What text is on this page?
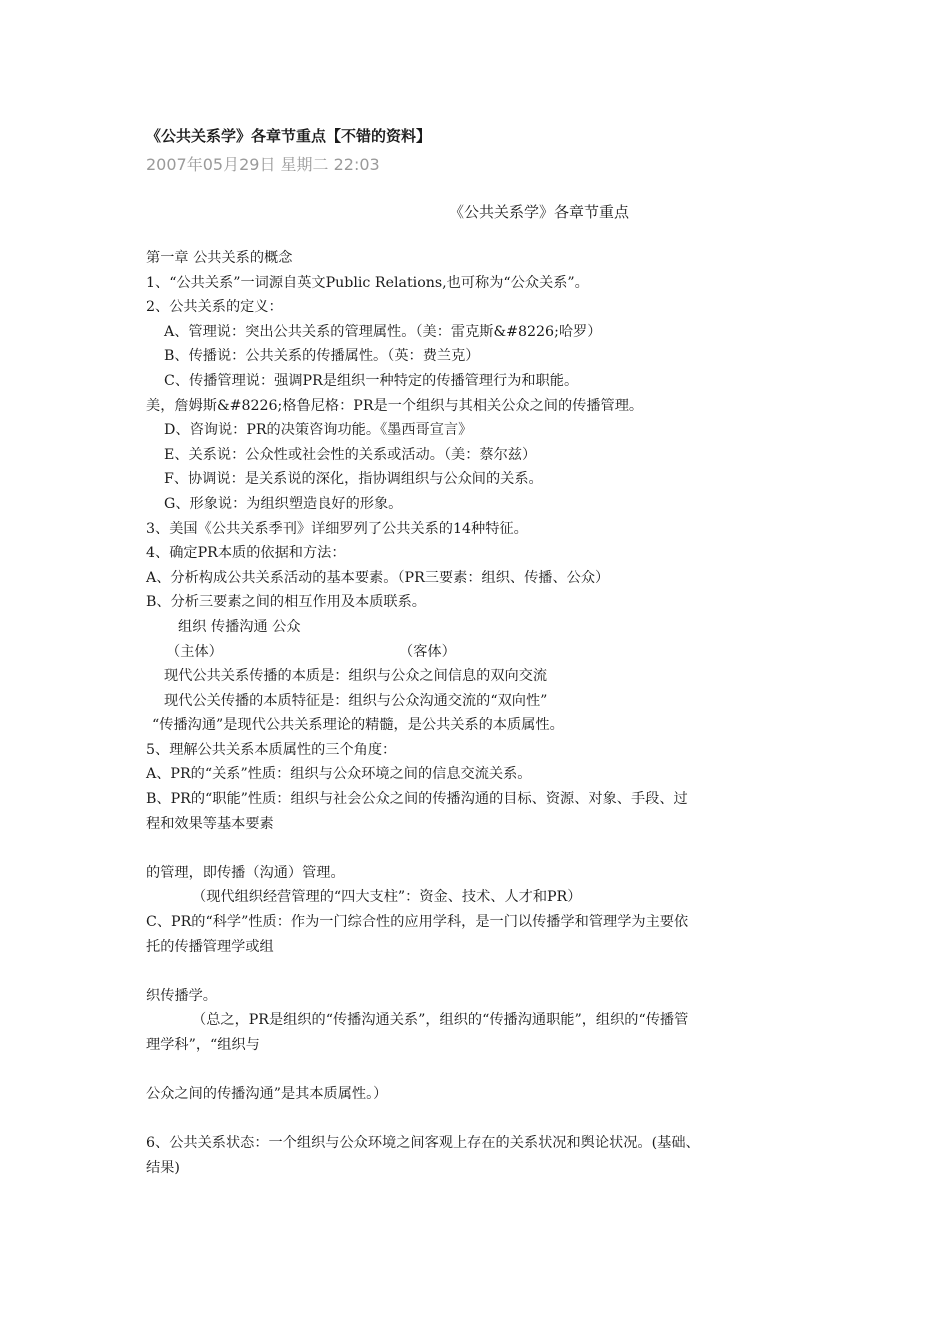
《公共关系学》各章节重点【不错的资料】
2007年05月29日 星期二 22:03
《公共关系学》各章节重点
第一章 公共关系的概念
1、“公共关系”一词源自英文Public Relations,也可称为“公众关系”。
2、公共关系的定义：
A、管理说：突出公共关系的管理属性。（美：雷克斯&#8226;哈罗）
B、传播说：公共关系的传播属性。（英：费兰克）
C、传播管理说：强调PR是组织一种特定的传播管理行为和职能。
美，詹姆斯&#8226;格鲁尼格：PR是一个组织与其相关公众之间的传播管理。
D、咨询说：PR的决策咨询功能。《墨西哥宣言》
E、关系说：公众性或社会性的关系或活动。（美：蔡尔兹）
F、协调说：是关系说的深化，指协调组织与公众间的关系。
G、形象说：为组织塑造良好的形象。
3、美国《公共关系季刊》详细罗列了公共关系的14种特征。
4、确定PR本质的依据和方法：
A、分析构成公共关系活动的基本要素。（PR三要素：组织、传播、公众）
B、分析三要素之间的相互作用及本质联系。
组织 传播沟通 公众
（主体）	（客体）
现代公共关系传播的本质是：组织与公众之间信息的双向交流
现代公关传播的本质特征是：组织与公众沟通交流的“双向性”
“传播沟通”是现代公共关系理论的精髓，是公共关系的本质属性。
5、理解公共关系本质属性的三个角度：
A、PR的“关系”性质：组织与公众环境之间的信息交流关系。
B、PR的“职能”性质：组织与社会公众之间的传播沟通的目标、资源、对象、手段、过
程和效果等基本要素
的管理，即传播（沟通）管理。
（现代组织经营管理的“四大支柱”：资金、技术、人才和PR）
C、PR的“科学”性质：作为一门综合性的应用学科，是一门以传播学和管理学为主要依
托的传播管理学或组
织传播学。
（总之，PR是组织的“传播沟通关系”，组织的“传播沟通职能”，组织的“传播管
理学科”，“组织与
公众之间的传播沟通”是其本质属性。）
6、公共关系状态：一个组织与公众环境之间客观上存在的关系状况和舆论状况。(基础、
结果)
